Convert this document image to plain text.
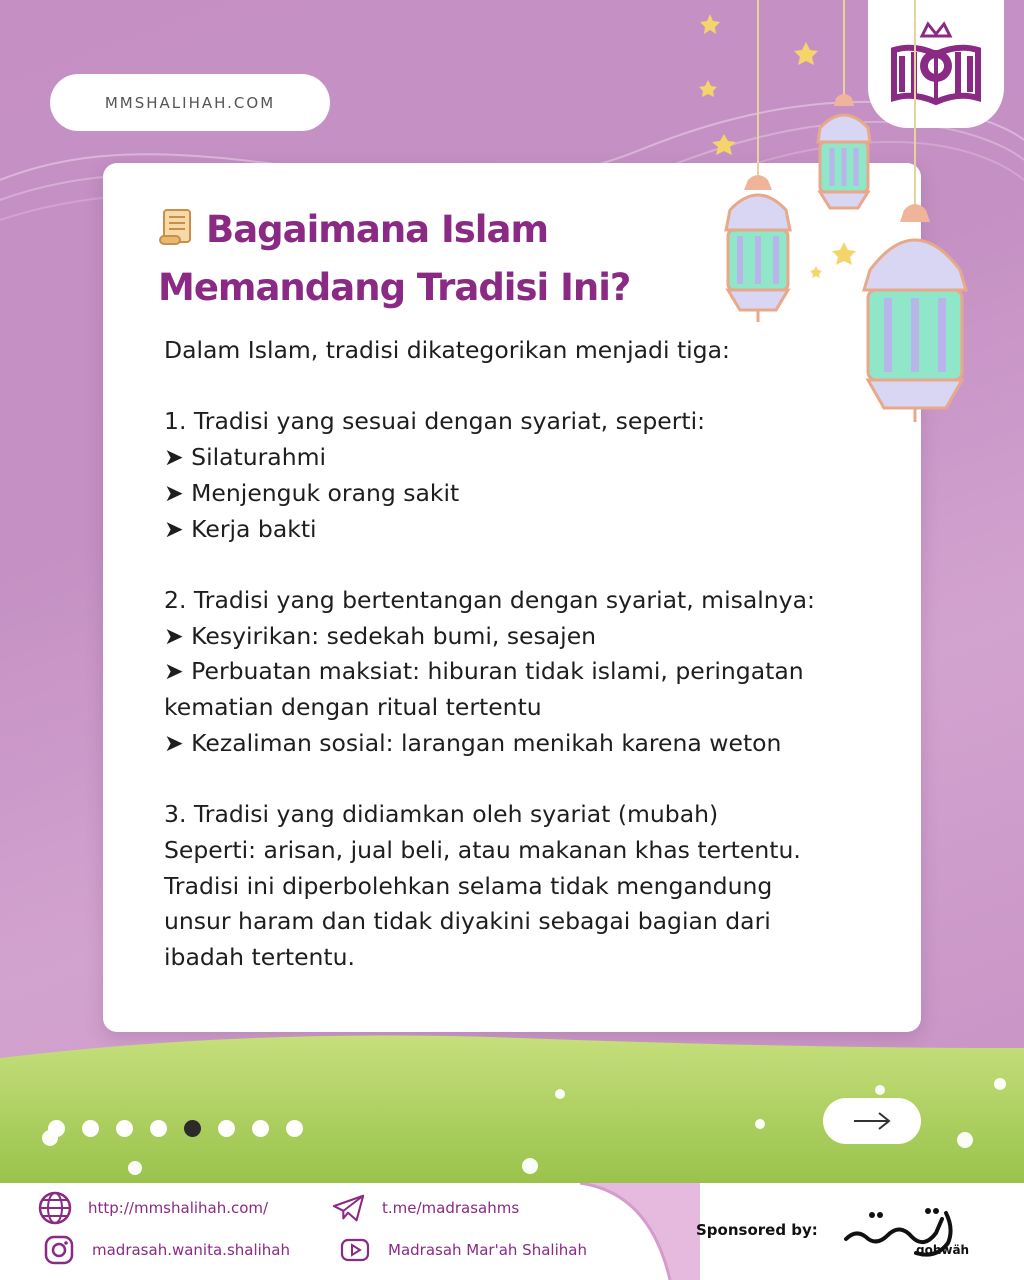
MMSHALIHAH.COM
Bagaimana Islam
Memandang Tradisi Ini?
Dalam Islam, tradisi dikategorikan menjadi tiga:
1. Tradisi yang sesuai dengan syariat, seperti:
➤ Silaturahmi
➤ Menjenguk orang sakit
➤ Kerja bakti
2. Tradisi yang bertentangan dengan syariat, misalnya:
➤ Kesyirikan: sedekah bumi, sesajen
➤ Perbuatan maksiat: hiburan tidak islami, peringatan
kematian dengan ritual tertentu
➤ Kezaliman sosial: larangan menikah karena weton
3. Tradisi yang didiamkan oleh syariat (mubah)
Seperti: arisan, jual beli, atau makanan khas tertentu.
Tradisi ini diperbolehkan selama tidak mengandung
unsur haram dan tidak diyakini sebagai bagian dari
ibadah tertentu.
http://mmshalihah.com/
madrasah.wanita.shalihah
t.me/madrasahms
Madrasah Mar'ah Shalihah
Sponsored by:
qohwäh
